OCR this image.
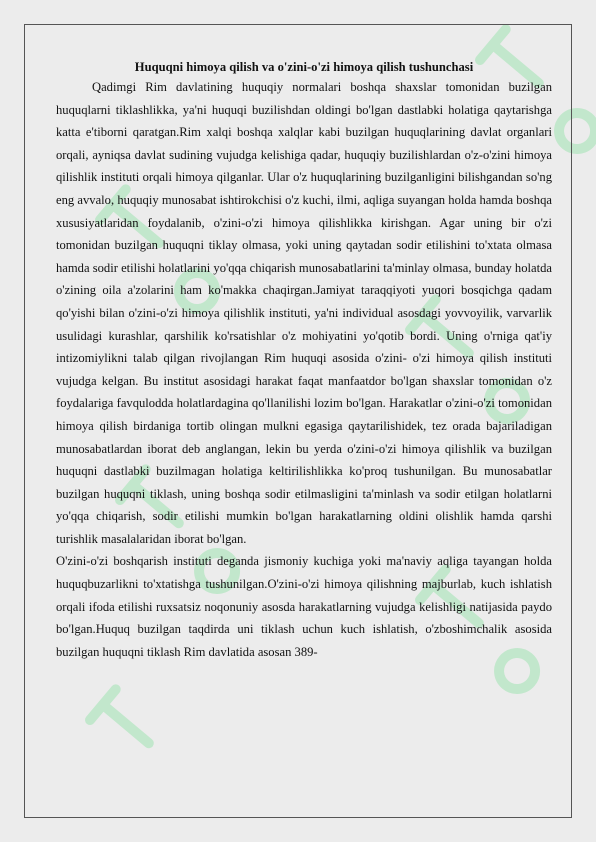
Huquqni himoya qilish va o'zini-o'zi himoya qilish tushunchasi

Qadimgi Rim davlatining huquqiy normalari boshqa shaxslar tomonidan buzilgan huquqlarni tiklashlikka, ya'ni huquqi buzilishdan oldingi bo'lgan dastlabki holatiga qaytarishga katta e'tiborni qaratgan.Rim xalqi boshqa xalqlar kabi buzilgan huquqlarining davlat organlari orqali, ayniqsa davlat sudining vujudga kelishiga qadar, huquqiy buzilishlardan o'z-o'zini himoya qilishlik instituti orqali himoya qilganlar. Ular o'z huquqlarining buzilganligini bilishgandan so'ng eng avvalo, huquqiy munosabat ishtirokchisi o'z kuchi, ilmi, aqliga suyangan holda hamda boshqa xususiyatlaridan foydalanib, o'zini-o'zi himoya qilishlikka kirishgan. Agar uning bir o'zi tomonidan buzilgan huquqni tiklay olmasa, yoki uning qaytadan sodir etilishini to'xtata olmasa hamda sodir etilishi holatlarini yo'qqa chiqarish munosabatlarini ta'minlay olmasa, bunday holatda o'zining oila a'zolarini ham ko'makka chaqirgan.Jamiyat taraqqiyoti yuqori bosqichga qadam qo'yishi bilan o'zini-o'zi himoya qilishlik instituti, ya'ni individual asosdagi yovvoyilik, varvarlik usulidagi kurashlar, qarshilik ko'rsatishlar o'z mohiyatini yo'qotib bordi. Uning o'rniga qat'iy intizomiylikni talab qilgan rivojlangan Rim huquqi asosida o'zini- o'zi himoya qilish instituti vujudga kelgan. Bu institut asosidagi harakat faqat manfaatdor bo'lgan shaxslar tomonidan o'z foydalariga favqulodda holatlardagina qo'llanilishi lozim bo'lgan. Harakatlar o'zini-o'zi tomonidan himoya qilish birdaniga tortib olingan mulkni egasiga qaytarilishidek, tez orada bajariladigan munosabatlardan iborat deb anglangan, lekin bu yerda o'zini-o'zi himoya qilishlik va buzilgan huquqni dastlabki buzilmagan holatiga keltirilishlikka ko'proq tushunilgan. Bu munosabatlar buzilgan huquqni tiklash, uning boshqa sodir etilmasligini ta'minlash va sodir etilgan holatlarni yo'qqa chiqarish, sodir etilishi mumkin bo'lgan harakatlarning oldini olishlik hamda qarshi turishlik masalalaridan iborat bo'lgan.

O'zini-o'zi boshqarish instituti deganda jismoniy kuchiga yoki ma'naviy aqliga tayangan holda huquqbuzarlikni to'xtatishga tushunilgan.O'zini-o'zi himoya qilishning majburlab, kuch ishlatish orqali ifoda etilishi ruxsatsiz noqonuniy asosda harakatlarning vujudga kelishligi natijasida paydo bo'lgan.Huquq buzilgan taqdirda uni tiklash uchun kuch ishlatish, o'zboshimchalik asosida buzilgan huquqni tiklash Rim davlatida asosan 389-
